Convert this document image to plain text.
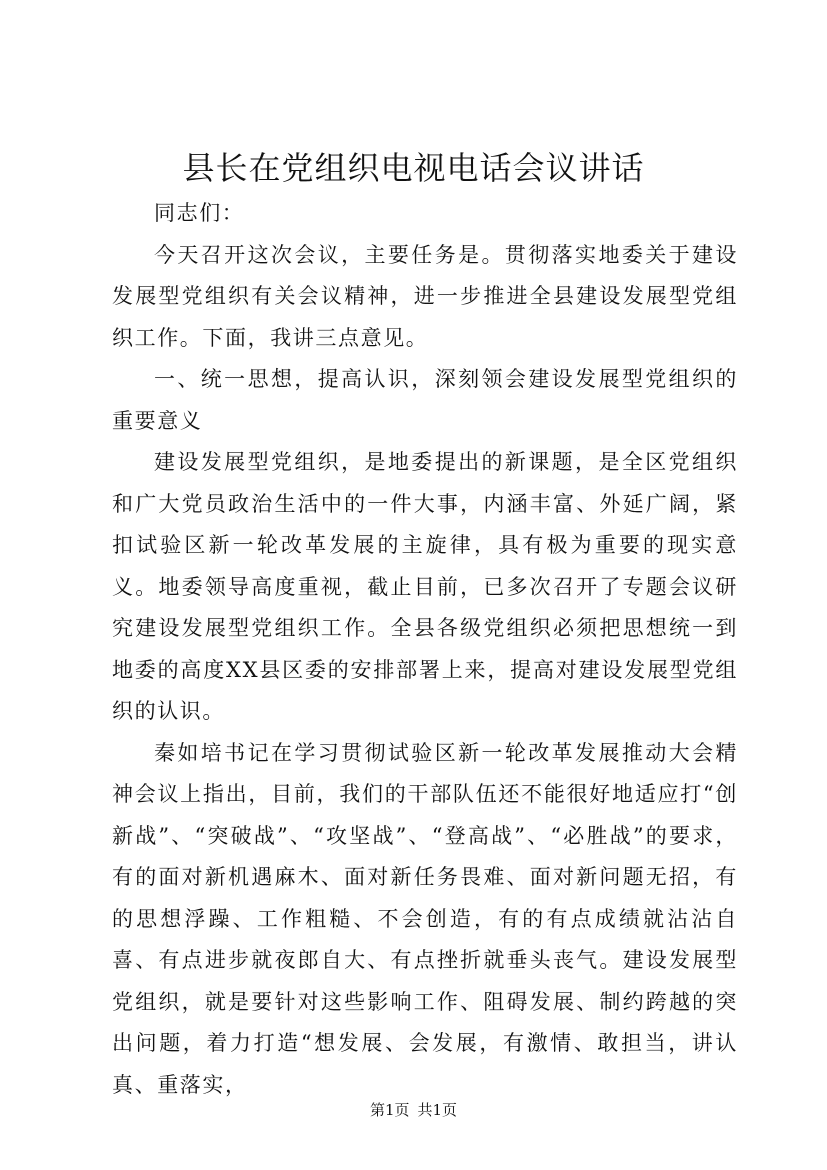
县长在党组织电视电话会议讲话

同志们：

今天召开这次会议，主要任务是。贯彻落实地委关于建设发展型党组织有关会议精神，进一步推进全县建设发展型党组织工作。下面，我讲三点意见。

一、统一思想，提高认识，深刻领会建设发展型党组织的重要意义

建设发展型党组织，是地委提出的新课题，是全区党组织和广大党员政治生活中的一件大事，内涵丰富、外延广阔，紧扣试验区新一轮改革发展的主旋律，具有极为重要的现实意义。地委领导高度重视，截止目前，已多次召开了专题会议研究建设发展型党组织工作。全县各级党组织必须把思想统一到地委的高度XX县区委的安排部署上来，提高对建设发展型党组织的认识。

秦如培书记在学习贯彻试验区新一轮改革发展推动大会精神会议上指出，目前，我们的干部队伍还不能很好地适应打“创新战”、“突破战”、“攻坚战”、“登高战”、“必胜战”的要求，有的面对新机遇麻木、面对新任务畏难、面对新问题无招，有的思想浮躁、工作粗糙、不会创造，有的有点成绩就沾沾自喜、有点进步就夜郎自大、有点挫折就垂头丧气。建设发展型党组织，就是要针对这些影响工作、阻碍发展、制约跨越的突出问题，着力打造“想发展、会发展，有激情、敢担当，讲认真、重落实，

第1页 共1页
